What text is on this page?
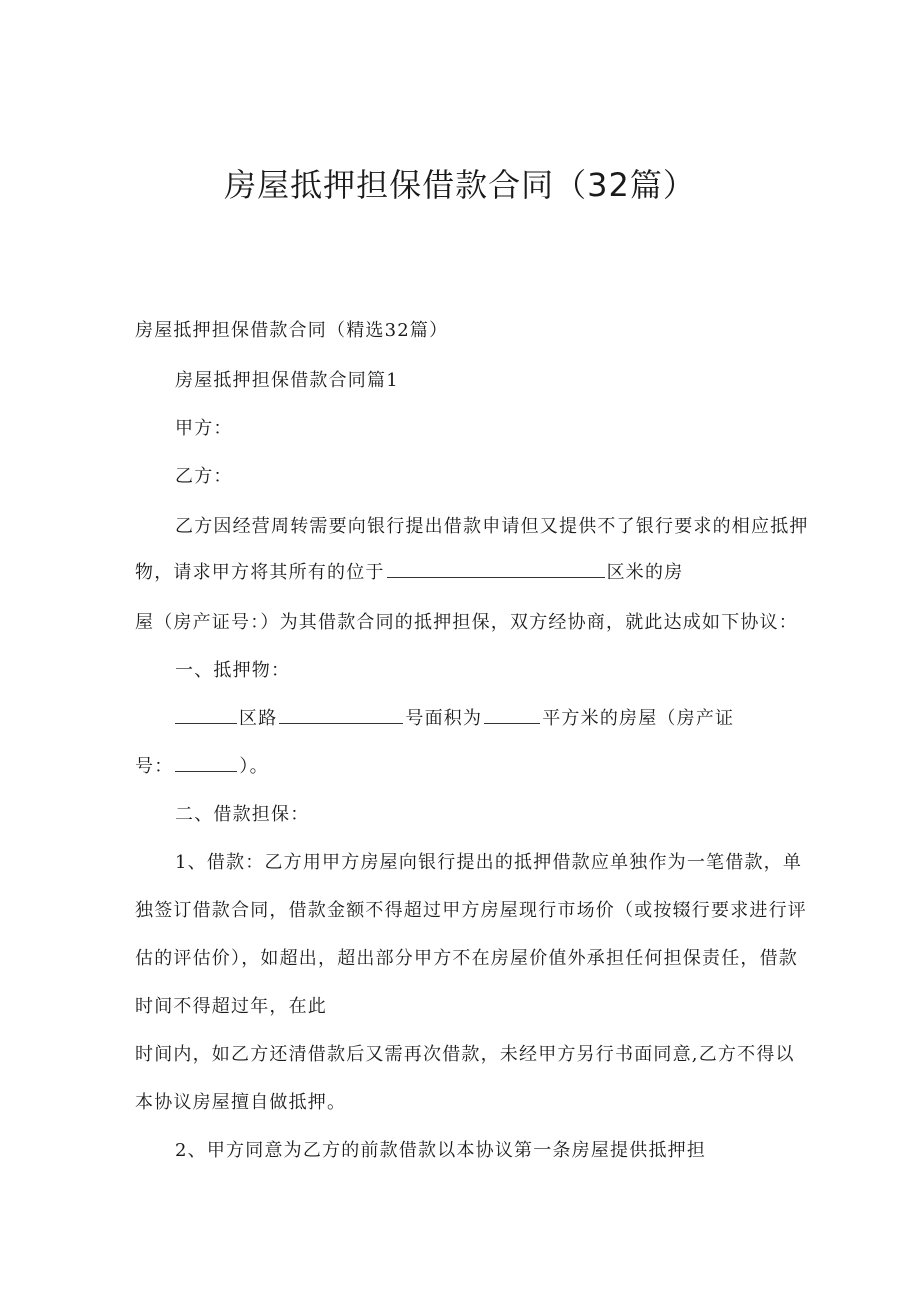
房屋抵押担保借款合同（32篇）
房屋抵押担保借款合同（精选32篇）
房屋抵押担保借款合同篇1
甲方：
乙方：
乙方因经营周转需要向银行提出借款申请但又提供不了银行要求的相应抵押
物，请求甲方将其所有的位于	区米的房
屋（房产证号：）为其借款合同的抵押担保，双方经协商，就此达成如下协议：
一、抵押物：
区路	号面积为	平方米的房屋（房产证
号：	）。
二、借款担保：
1、借款：乙方用甲方房屋向银行提出的抵押借款应单独作为一笔借款，单
独签订借款合同，借款金额不得超过甲方房屋现行市场价（或按辍行要求进行评
估的评估价），如超出，超出部分甲方不在房屋价值外承担任何担保责任，借款
时间不得超过年，在此
时间内，如乙方还清借款后又需再次借款，未经甲方另行书面同意,乙方不得以
本协议房屋擅自做抵押。
2、甲方同意为乙方的前款借款以本协议第一条房屋提供抵押担
